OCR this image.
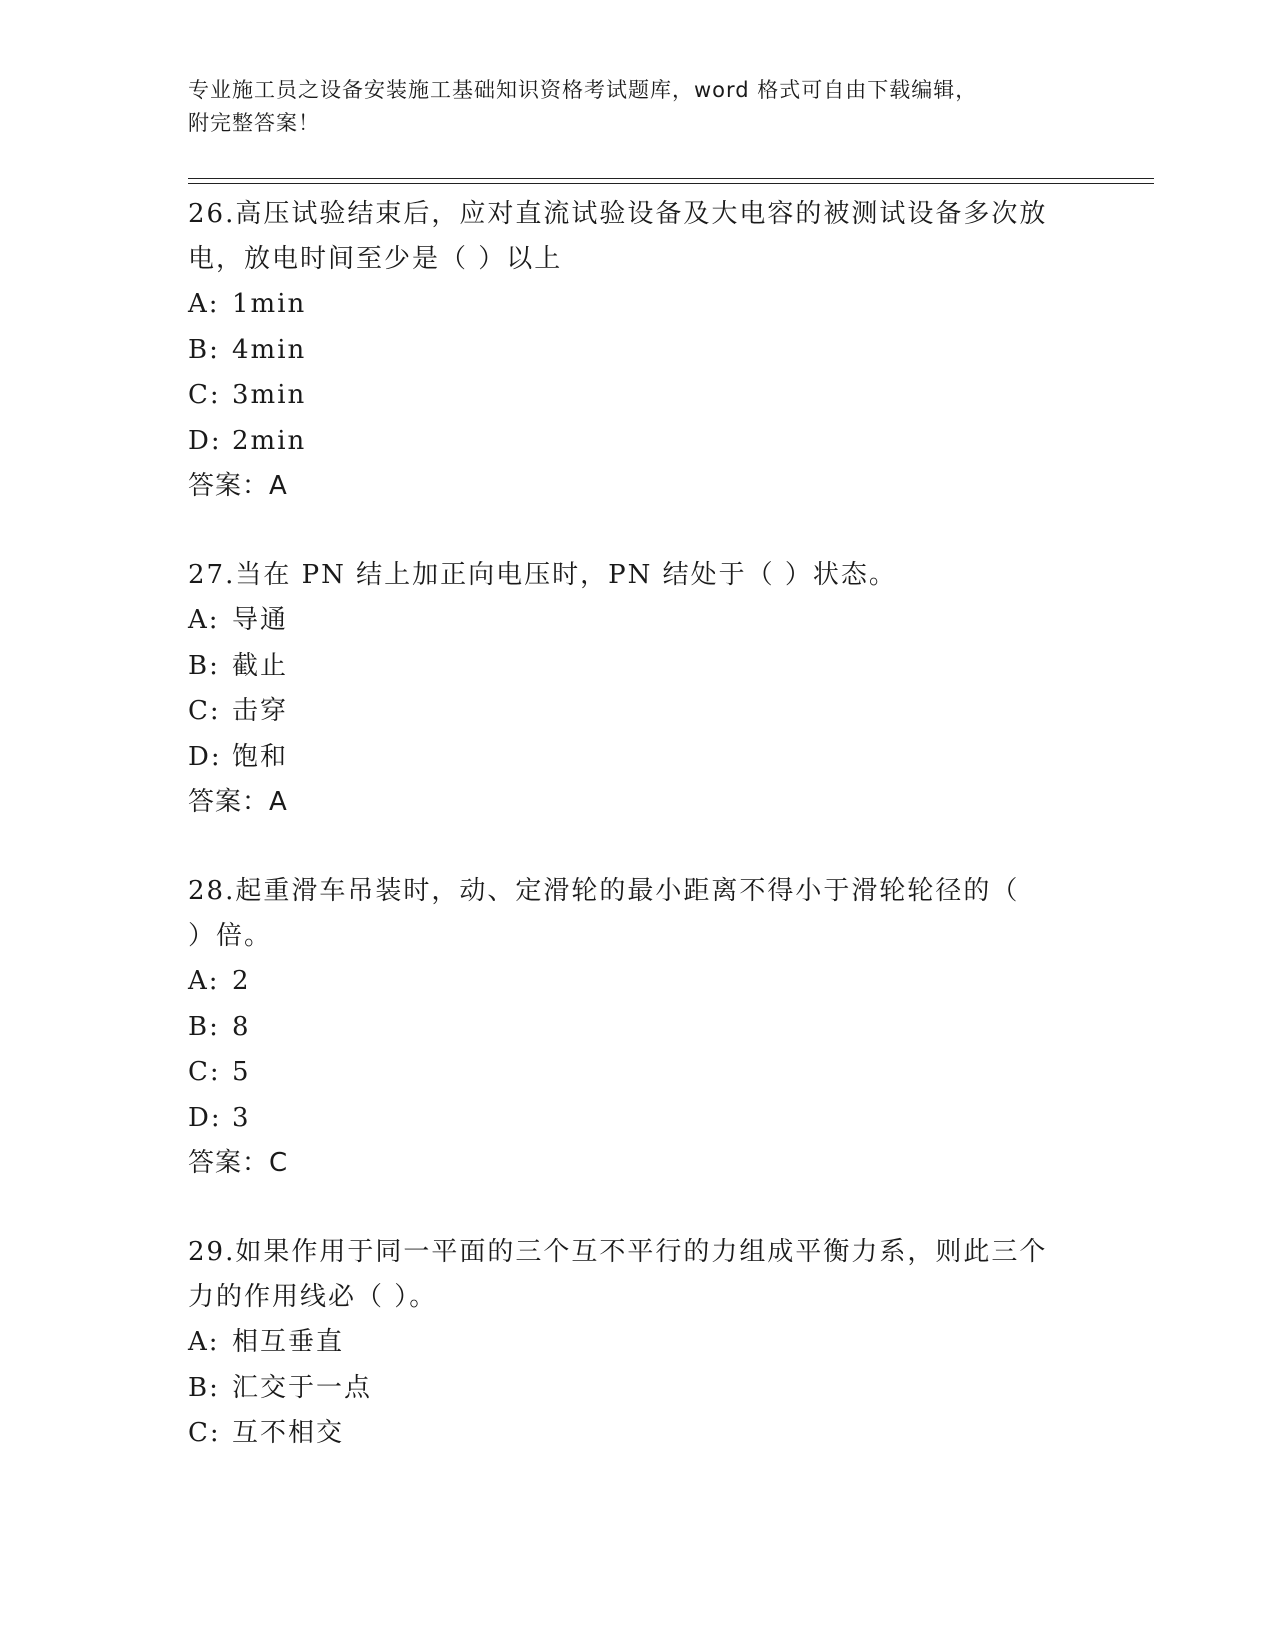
专业施工员之设备安装施工基础知识资格考试题库，word 格式可自由下载编辑，
附完整答案！
26.高压试验结束后，应对直流试验设备及大电容的被测试设备多次放
电，放电时间至少是（ ）以上
A: 1min
B: 4min
C: 3min
D: 2min
答案：A
27.当在 PN 结上加正向电压时，PN 结处于（ ）状态。
A: 导通
B: 截止
C: 击穿
D: 饱和
答案：A
28.起重滑车吊装时，动、定滑轮的最小距离不得小于滑轮轮径的（
）倍。
A: 2
B: 8
C: 5
D: 3
答案：C
29.如果作用于同一平面的三个互不平行的力组成平衡力系，则此三个
力的作用线必（ ）。
A: 相互垂直
B: 汇交于一点
C: 互不相交
